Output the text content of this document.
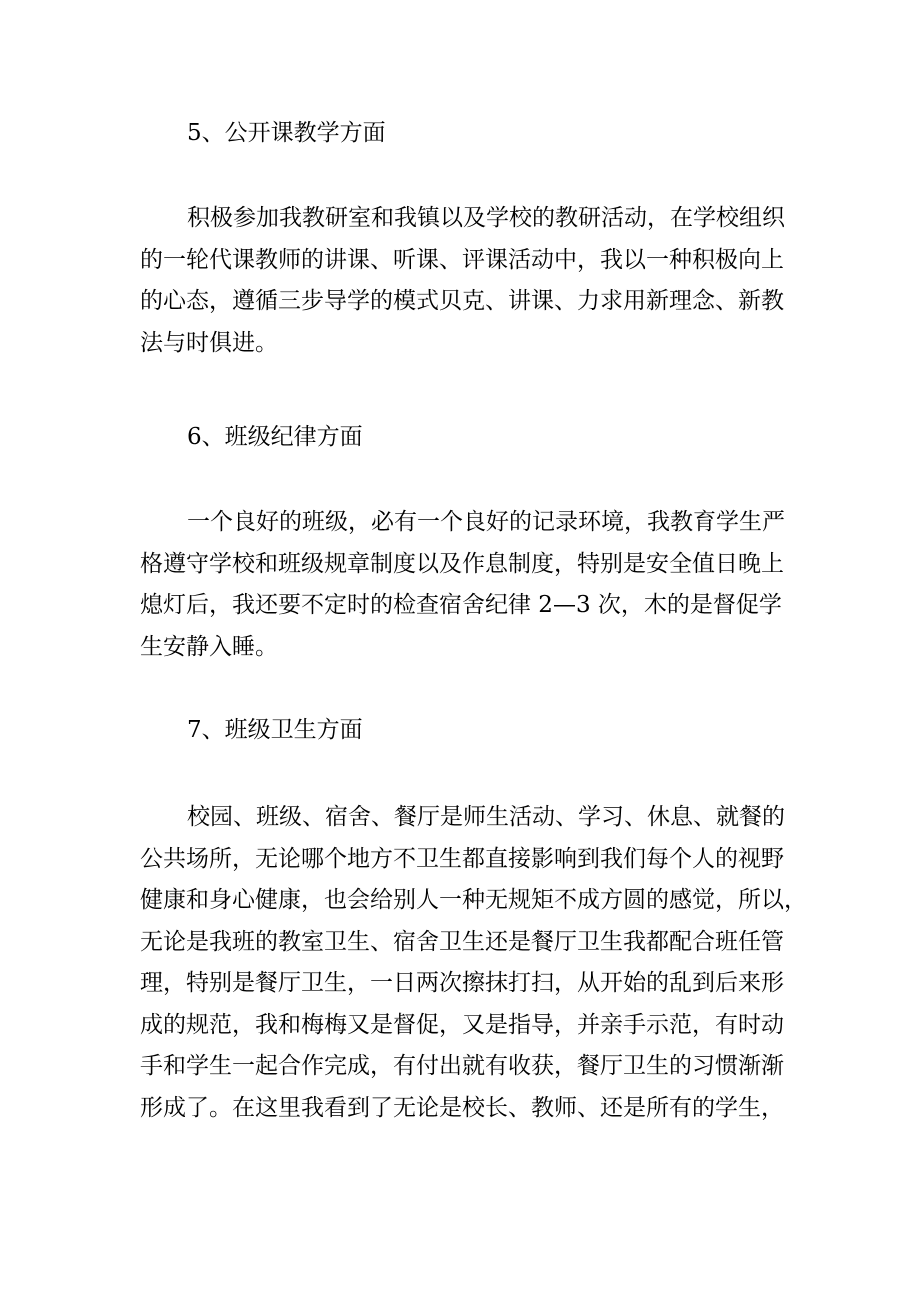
5、公开课教学方面
积极参加我教研室和我镇以及学校的教研活动，在学校组织
的一轮代课教师的讲课、听课、评课活动中，我以一种积极向上
的心态，遵循三步导学的模式贝克、讲课、力求用新理念、新教
法与时俱进。
6、班级纪律方面
一个良好的班级，必有一个良好的记录环境，我教育学生严
格遵守学校和班级规章制度以及作息制度，特别是安全值日晚上
熄灯后，我还要不定时的检查宿舍纪律 2—3 次，木的是督促学
生安静入睡。
7、班级卫生方面
校园、班级、宿舍、餐厅是师生活动、学习、休息、就餐的
公共场所，无论哪个地方不卫生都直接影响到我们每个人的视野
健康和身心健康，也会给别人一种无规矩不成方圆的感觉，所以，
无论是我班的教室卫生、宿舍卫生还是餐厅卫生我都配合班任管
理，特别是餐厅卫生，一日两次擦抹打扫，从开始的乱到后来形
成的规范，我和梅梅又是督促，又是指导，并亲手示范，有时动
手和学生一起合作完成，有付出就有收获，餐厅卫生的习惯渐渐
形成了。在这里我看到了无论是校长、教师、还是所有的学生，
